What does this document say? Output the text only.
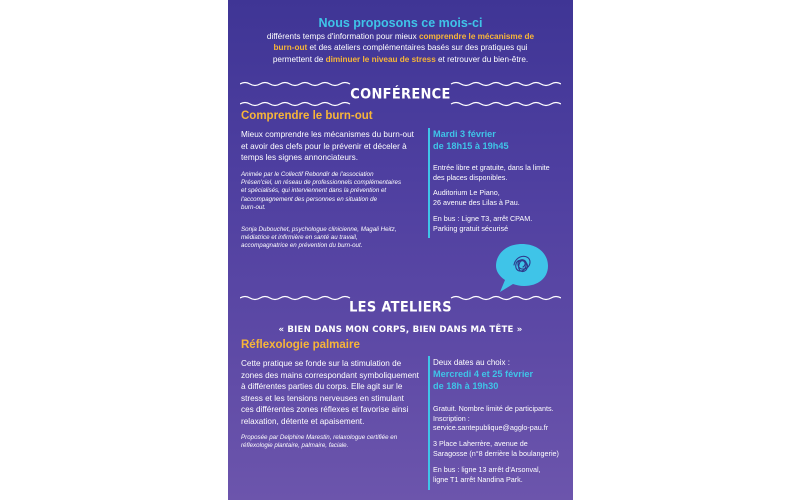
Nous proposons ce mois-ci
différents temps d'information pour mieux comprendre le mécanisme de
burn-out et des ateliers complémentaires basés sur des pratiques qui
permettent de diminuer le niveau de stress et retrouver du bien-être.
CONFÉRENCE
Comprendre le burn-out
Mieux comprendre les mécanismes du burn-out
et avoir des clefs pour le prévenir et déceler à
temps les signes annonciateurs.
Animée par le Collectif Rebondir de l'association
Présen'ciel, un réseau de professionnels complémentaires
et spécialisés, qui interviennent dans la prévention et
l'accompagnement des personnes en situation de
burn-out.
Sonja Dubouchet, psychologue clinicienne, Magali Heitz,
médiatrice et infirmière en santé au travail,
accompagnatrice en prévention du burn-out.
Mardi 3 février
de 18h15 à 19h45
Entrée libre et gratuite, dans la limite
des places disponibles.
Auditorium Le Piano,
26 avenue des Lilas à Pau.
En bus : Ligne T3, arrêt CPAM.
Parking gratuit sécurisé
LES ATELIERS
« BIEN DANS MON CORPS, BIEN DANS MA TÊTE »
Réflexologie palmaire
Cette pratique se fonde sur la stimulation de
zones des mains correspondant symboliquement
à différentes parties du corps. Elle agit sur le
stress et les tensions nerveuses en stimulant
ces différentes zones réflexes et favorise ainsi
relaxation, détente et apaisement.
Proposée par Delphine Marestin, relaxologue certifiée en
réflexologie plantaire, palmaire, faciale.
Deux dates au choix :
Mercredi 4 et 25 février
de 18h à 19h30
Gratuit. Nombre limité de participants.
Inscription :
service.santepublique@agglo-pau.fr
3 Place Laherrère, avenue de
Saragosse (n°8 derrière la boulangerie)
En bus : ligne 13 arrêt d'Arsonval,
ligne T1 arrêt Nandina Park.
